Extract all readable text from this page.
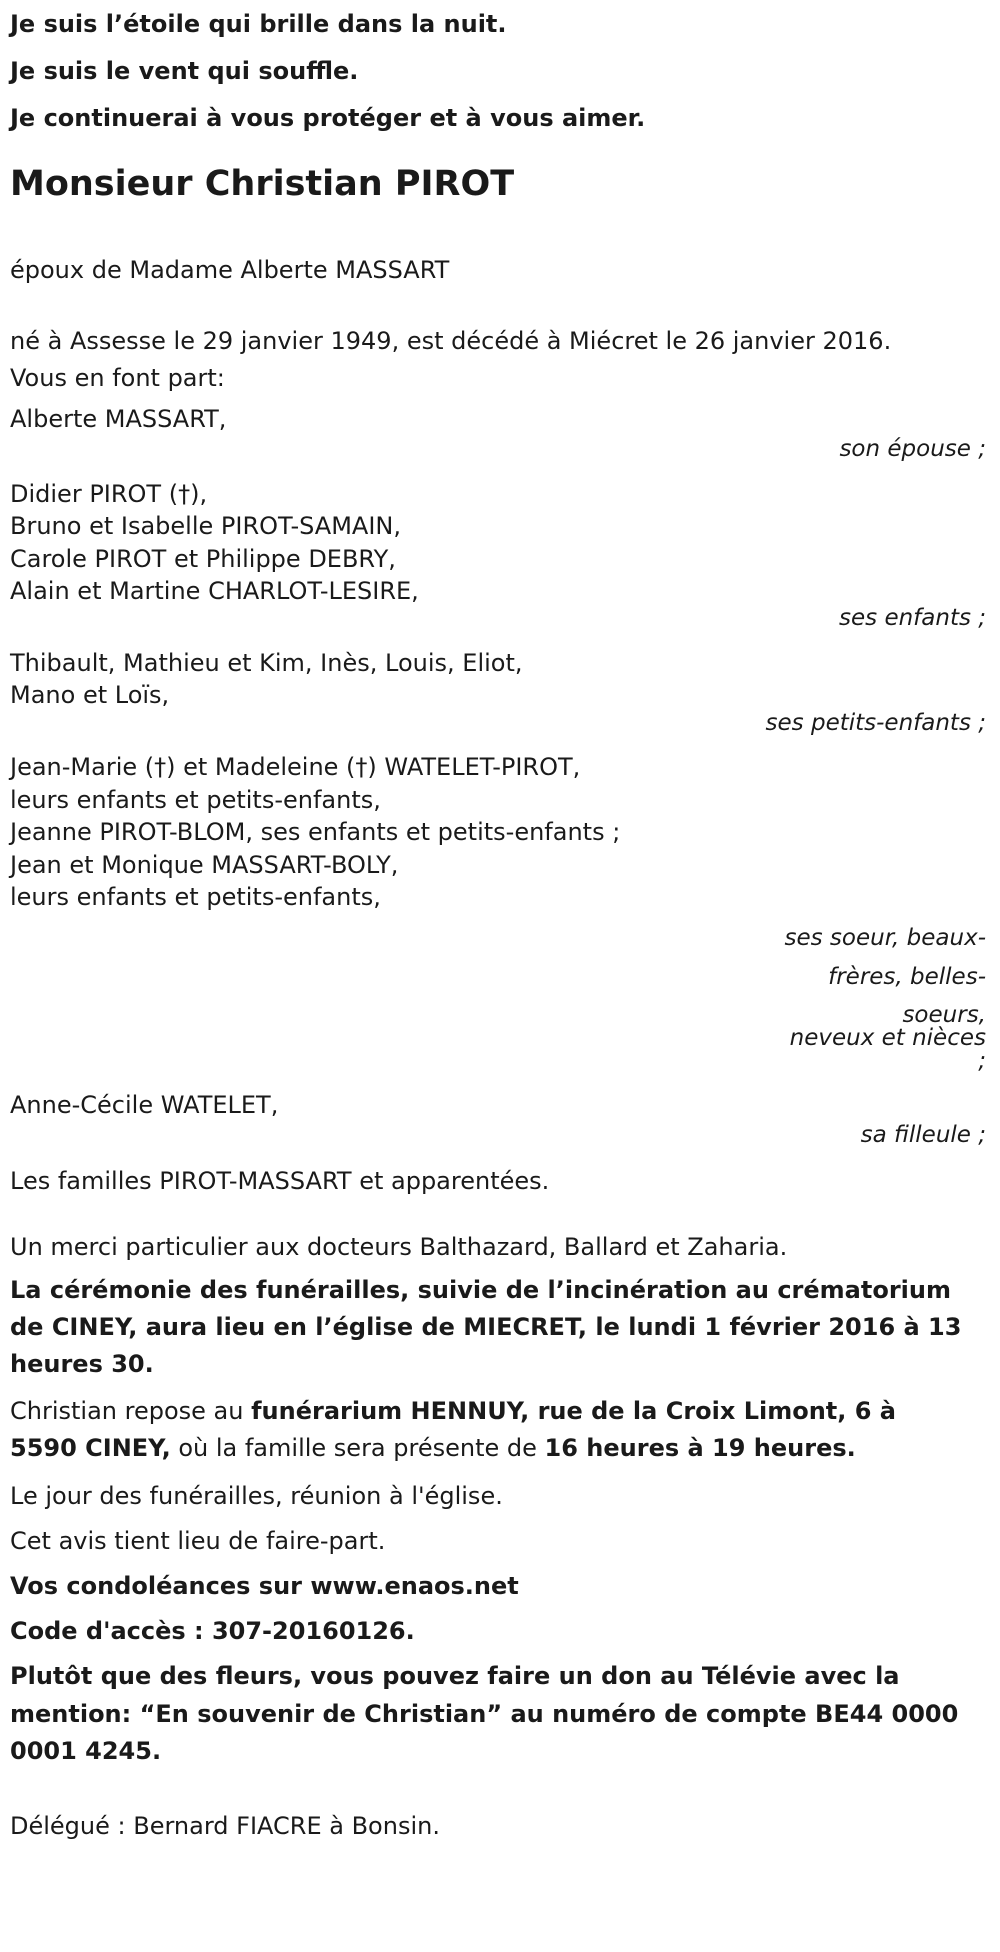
Je suis l’étoile qui brille dans la nuit.

Je suis le vent qui souffle.

Je continuerai à vous protéger et à vous aimer.

Monsieur Christian PIROT

époux de Madame Alberte MASSART

né à Assesse le 29 janvier 1949, est décédé à Miécret le 26 janvier 2016.

Vous en font part:

Alberte MASSART,

son épouse ;

Didier PIROT (†),

Bruno et Isabelle PIROT-SAMAIN,

Carole PIROT et Philippe DEBRY,

Alain et Martine CHARLOT-LESIRE,

ses enfants ;

Thibault, Mathieu et Kim, Inès, Louis, Eliot,

Mano et Loïs,

ses petits-enfants ;

Jean-Marie (†) et Madeleine (†) WATELET-PIROT,

leurs enfants et petits-enfants,

Jeanne PIROT-BLOM, ses enfants et petits-enfants ;

Jean et Monique MASSART-BOLY,

leurs enfants et petits-enfants,

ses soeur, beaux-
frères, belles-
soeurs,
neveux et nièces ;

Anne-Cécile WATELET,

sa filleule ;

Les familles PIROT-MASSART et apparentées.

Un merci particulier aux docteurs Balthazard, Ballard et Zaharia.

La cérémonie des funérailles, suivie de l’incinération au crématorium

de CINEY, aura lieu en l’église de MIECRET, le lundi 1 février 2016 à 13

heures 30.

Christian repose au funérarium HENNUY, rue de la Croix Limont, 6 à

5590 CINEY, où la famille sera présente de 16 heures à 19 heures.

Le jour des funérailles, réunion à l'église.

Cet avis tient lieu de faire-part.

Vos condoléances sur www.enaos.net

Code d'accès : 307-20160126.

Plutôt que des fleurs, vous pouvez faire un don au Télévie avec la

mention: “En souvenir de Christian” au numéro de compte BE44 0000

0001 4245.

Délégué : Bernard FIACRE à Bonsin.
